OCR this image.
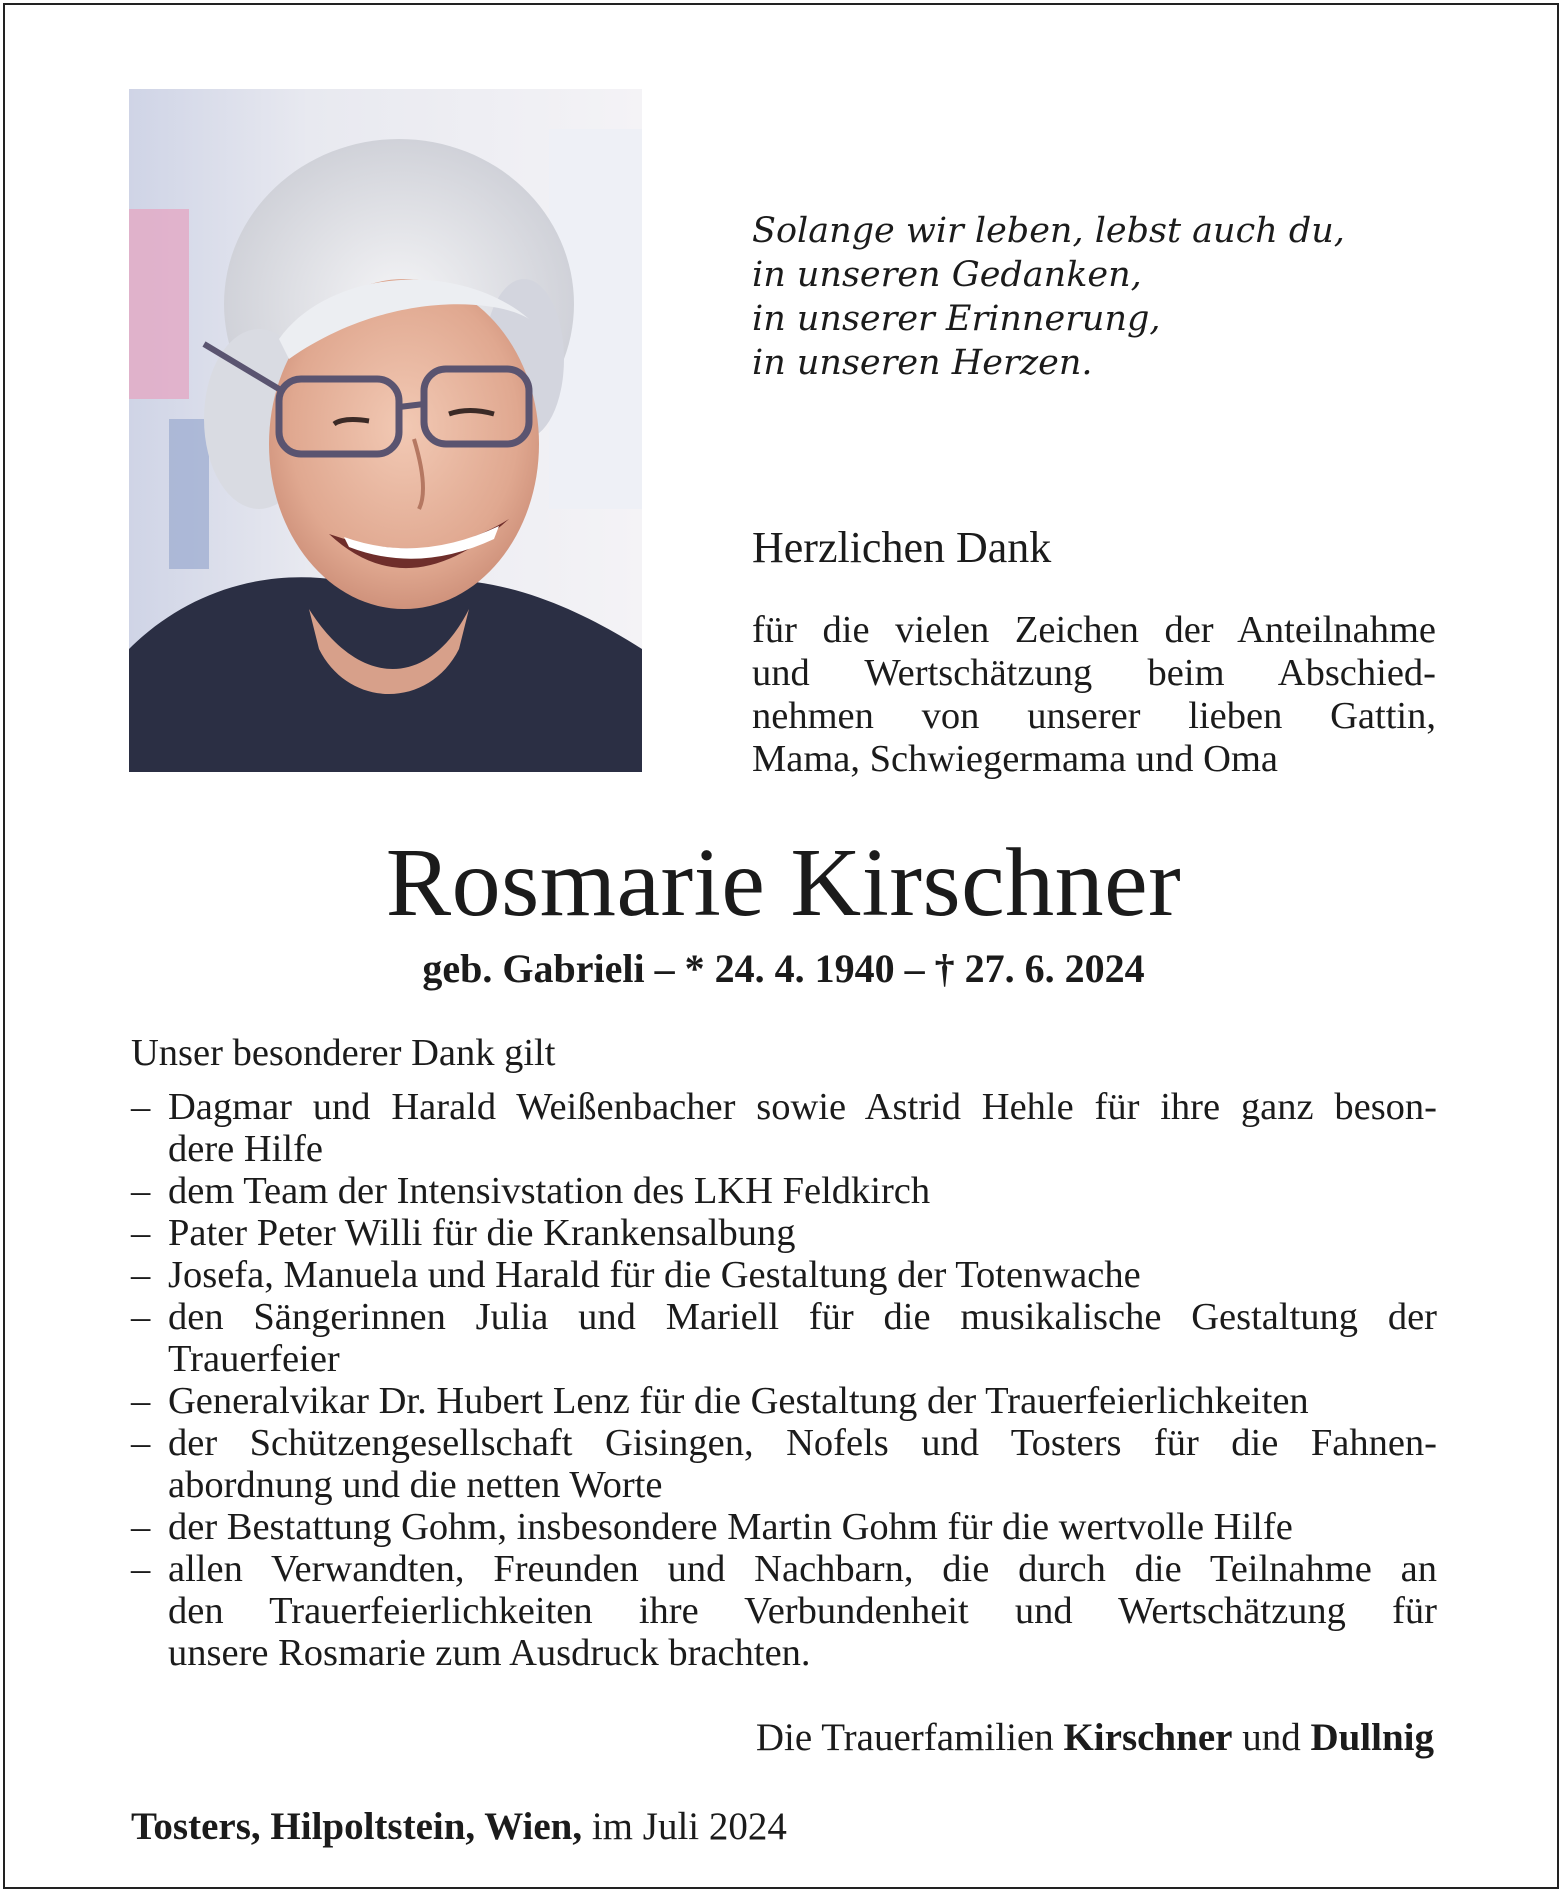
Solange wir leben, lebst auch du,
in unseren Gedanken,
in unserer Erinnerung,
in unseren Herzen.
Herzlichen Dank
für die vielen Zeichen der Anteilnahme
und Wertschätzung beim Abschied-
nehmen von unserer lieben Gattin,
Mama, Schwiegermama und Oma
Rosmarie Kirschner
geb. Gabrieli – * 24. 4. 1940 – † 27. 6. 2024
Unser besonderer Dank gilt
– Dagmar und Harald Weißenbacher sowie Astrid Hehle für ihre ganz beson-
dere Hilfe
– dem Team der Intensivstation des LKH Feldkirch
– Pater Peter Willi für die Krankensalbung
– Josefa, Manuela und Harald für die Gestaltung der Totenwache
– den Sängerinnen Julia und Mariell für die musikalische Gestaltung der
Trauerfeier
– Generalvikar Dr. Hubert Lenz für die Gestaltung der Trauerfeierlichkeiten
– der Schützengesellschaft Gisingen, Nofels und Tosters für die Fahnen-
abordnung und die netten Worte
– der Bestattung Gohm, insbesondere Martin Gohm für die wertvolle Hilfe
– allen Verwandten, Freunden und Nachbarn, die durch die Teilnahme an
den Trauerfeierlichkeiten ihre Verbundenheit und Wertschätzung für
unsere Rosmarie zum Ausdruck brachten.
Die Trauerfamilien Kirschner und Dullnig
Tosters, Hilpoltstein, Wien, im Juli 2024
